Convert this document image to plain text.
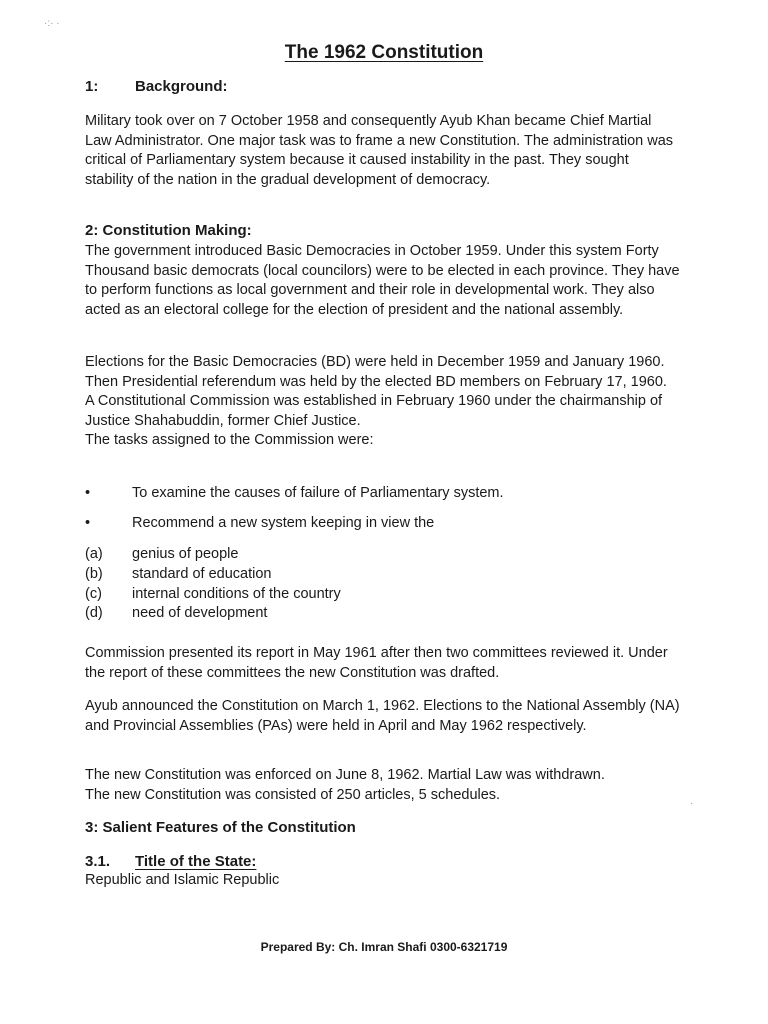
·:· ·
The 1962 Constitution
1: Background:

Military took over on 7 October 1958 and consequently Ayub Khan became Chief Martial Law Administrator. One major task was to frame a new Constitution. The administration was critical of Parliamentary system because it caused instability in the past. They sought stability of the nation in the gradual development of democracy.

2: Constitution Making:

The government introduced Basic Democracies in October 1959. Under this system Forty Thousand basic democrats (local councilors) were to be elected in each province. They have to perform functions as local government and their role in developmental work. They also acted as an electoral college for the election of president and the national assembly.

Elections for the Basic Democracies (BD) were held in December 1959 and January 1960. Then Presidential referendum was held by the elected BD members on February 17, 1960.

A Constitutional Commission was established in February 1960 under the chairmanship of Justice Shahabuddin, former Chief Justice.

The tasks assigned to the Commission were:

•	To examine the causes of failure of Parliamentary system.
•	Recommend a new system keeping in view the
(a) genius of people
(b) standard of education
(c) internal conditions of the country
(d) need of development

Commission presented its report in May 1961 after then two committees reviewed it. Under the report of these committees the new Constitution was drafted.

Ayub announced the Constitution on March 1, 1962. Elections to the National Assembly (NA) and Provincial Assemblies (PAs) were held in April and May 1962 respectively.

The new Constitution was enforced on June 8, 1962. Martial Law was withdrawn.

The new Constitution was consisted of 250 articles, 5 schedules.

·
3: Salient Features of the Constitution
3.1. Title of the State:

Republic and Islamic Republic

Prepared By: Ch. Imran Shafi 0300-6321719
